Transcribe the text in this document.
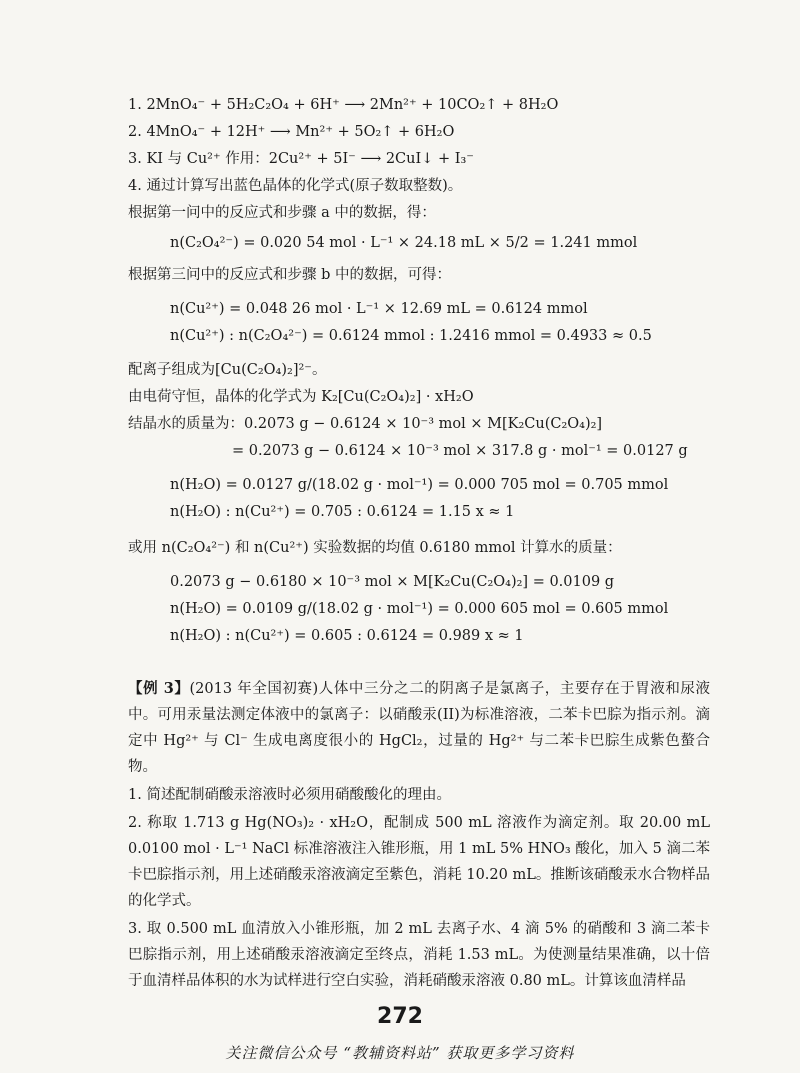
1. 2MnO₄⁻ + 5H₂C₂O₄ + 6H⁺ ⟶ 2Mn²⁺ + 10CO₂↑ + 8H₂O
2. 4MnO₄⁻ + 12H⁺ ⟶ Mn²⁺ + 5O₂↑ + 6H₂O
3. KI 与 Cu²⁺ 作用：2Cu²⁺ + 5I⁻ ⟶ 2CuI↓ + I₃⁻
4. 通过计算写出蓝色晶体的化学式(原子数取整数)。
根据第一问中的反应式和步骤 a 中的数据，得：
n(C₂O₄²⁻) = 0.020 54 mol · L⁻¹ × 24.18 mL × 5/2 = 1.241 mmol
根据第三问中的反应式和步骤 b 中的数据，可得：
n(Cu²⁺) = 0.048 26 mol · L⁻¹ × 12.69 mL = 0.6124 mmol
n(Cu²⁺) : n(C₂O₄²⁻) = 0.6124 mmol : 1.2416 mmol = 0.4933 ≈ 0.5
配离子组成为[Cu(C₂O₄)₂]²⁻。
由电荷守恒，晶体的化学式为 K₂[Cu(C₂O₄)₂] · xH₂O
结晶水的质量为：0.2073 g − 0.6124 × 10⁻³ mol × M[K₂Cu(C₂O₄)₂]
= 0.2073 g − 0.6124 × 10⁻³ mol × 317.8 g · mol⁻¹ = 0.0127 g
n(H₂O) = 0.0127 g/(18.02 g · mol⁻¹) = 0.000 705 mol = 0.705 mmol
n(H₂O) : n(Cu²⁺) = 0.705 : 0.6124 = 1.15 x ≈ 1
或用 n(C₂O₄²⁻) 和 n(Cu²⁺) 实验数据的均值 0.6180 mmol 计算水的质量：
0.2073 g − 0.6180 × 10⁻³ mol × M[K₂Cu(C₂O₄)₂] = 0.0109 g
n(H₂O) = 0.0109 g/(18.02 g · mol⁻¹) = 0.000 605 mol = 0.605 mmol
n(H₂O) : n(Cu²⁺) = 0.605 : 0.6124 = 0.989 x ≈ 1
【例 3】(2013 年全国初赛)人体中三分之二的阴离子是氯离子，主要存在于胃液和尿液中。可用汞量法测定体液中的氯离子：以硝酸汞(II)为标准溶液，二苯卡巴腙为指示剂。滴定中 Hg²⁺ 与 Cl⁻ 生成电离度很小的 HgCl₂，过量的 Hg²⁺ 与二苯卡巴腙生成紫色螯合物。
1. 简述配制硝酸汞溶液时必须用硝酸酸化的理由。
2. 称取 1.713 g Hg(NO₃)₂ · xH₂O，配制成 500 mL 溶液作为滴定剂。取 20.00 mL 0.0100 mol · L⁻¹ NaCl 标准溶液注入锥形瓶，用 1 mL 5% HNO₃ 酸化，加入 5 滴二苯卡巴腙指示剂，用上述硝酸汞溶液滴定至紫色，消耗 10.20 mL。推断该硝酸汞水合物样品的化学式。
3. 取 0.500 mL 血清放入小锥形瓶，加 2 mL 去离子水、4 滴 5% 的硝酸和 3 滴二苯卡巴腙指示剂，用上述硝酸汞溶液滴定至终点，消耗 1.53 mL。为使测量结果准确，以十倍于血清样品体积的水为试样进行空白实验，消耗硝酸汞溶液 0.80 mL。计算该血清样品
272
关注微信公众号 “教辅资料站” 获取更多学习资料
